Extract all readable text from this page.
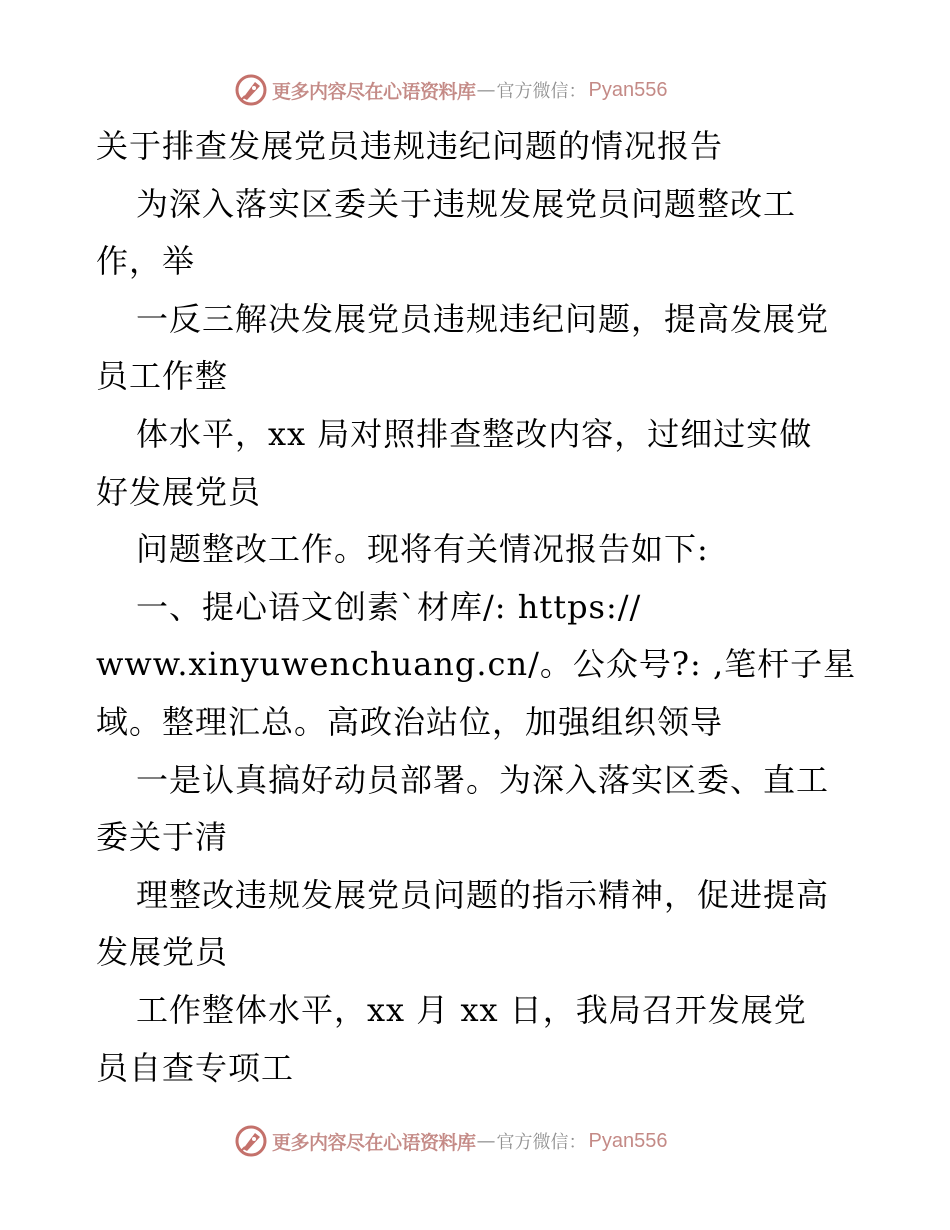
更多内容尽在心语资料库 — 官方微信： Pyan556
关于排查发展党员违规违纪问题的情况报告
为深入落实区委关于违规发展党员问题整改工
作，举
一反三解决发展党员违规违纪问题，提高发展党
员工作整
体水平，xx 局对照排查整改内容，过细过实做
好发展党员
问题整改工作。现将有关情况报告如下:
一、提心语文创素`材库/: https://
www.xinyuwenchuang.cn/。公众号?: ,笔杆子星
域。整理汇总。高政治站位，加强组织领导
一是认真搞好动员部署。为深入落实区委、直工
委关于清
理整改违规发展党员问题的指示精神，促进提高
发展党员
工作整体水平，xx 月 xx 日，我局召开发展党
员自查专项工
更多内容尽在心语资料库 — 官方微信： Pyan556
